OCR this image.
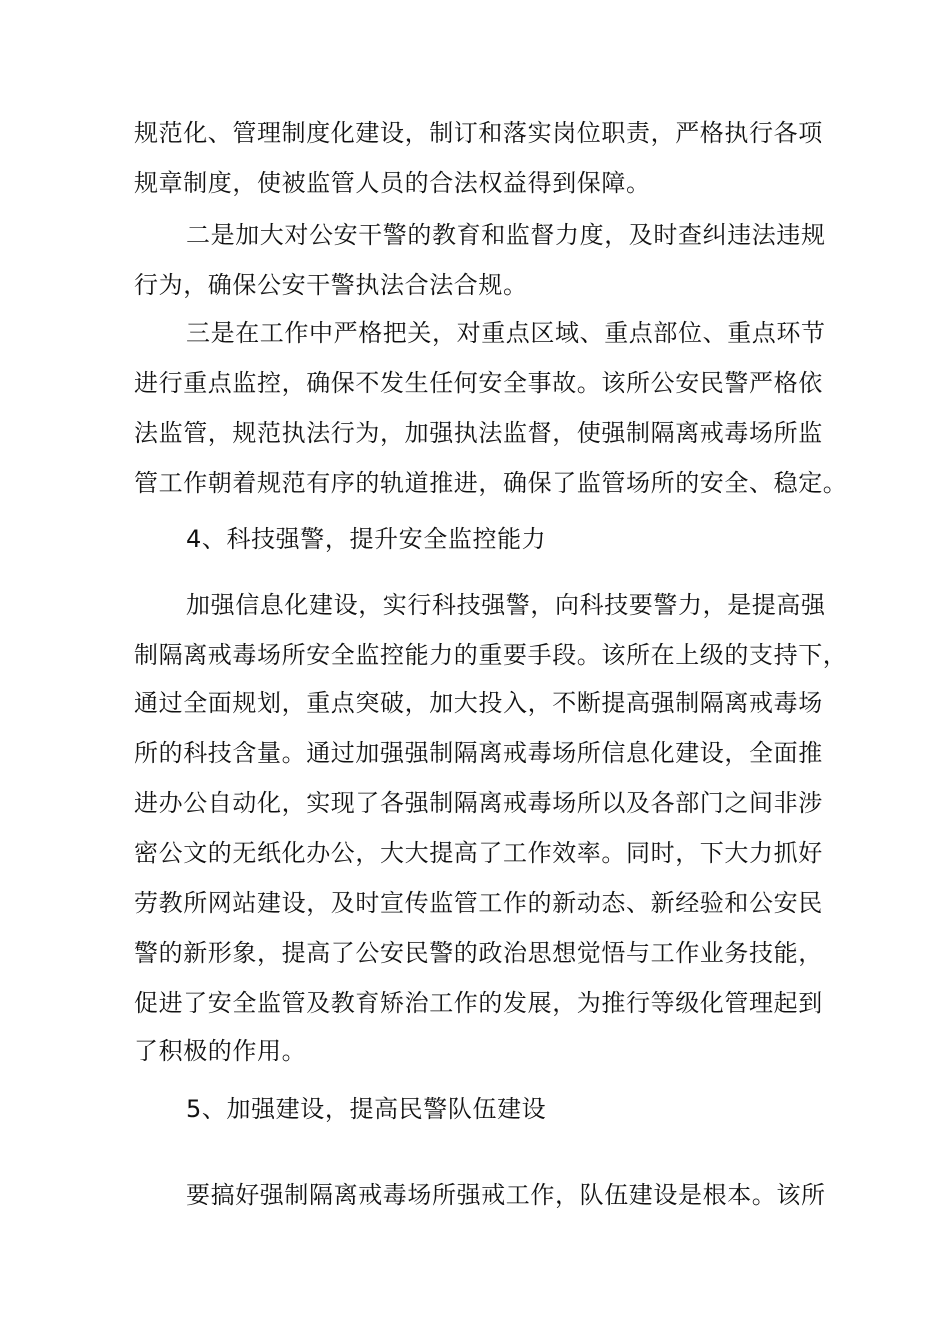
规范化、管理制度化建设，制订和落实岗位职责，严格执行各项
规章制度，使被监管人员的合法权益得到保障。
二是加大对公安干警的教育和监督力度，及时查纠违法违规
行为，确保公安干警执法合法合规。
三是在工作中严格把关，对重点区域、重点部位、重点环节
进行重点监控，确保不发生任何安全事故。该所公安民警严格依
法监管，规范执法行为，加强执法监督，使强制隔离戒毒场所监
管工作朝着规范有序的轨道推进，确保了监管场所的安全、稳定。
4、科技强警，提升安全监控能力
加强信息化建设，实行科技强警，向科技要警力，是提高强
制隔离戒毒场所安全监控能力的重要手段。该所在上级的支持下，
通过全面规划，重点突破，加大投入，不断提高强制隔离戒毒场
所的科技含量。通过加强强制隔离戒毒场所信息化建设，全面推
进办公自动化，实现了各强制隔离戒毒场所以及各部门之间非涉
密公文的无纸化办公，大大提高了工作效率。同时，下大力抓好
劳教所网站建设，及时宣传监管工作的新动态、新经验和公安民
警的新形象，提高了公安民警的政治思想觉悟与工作业务技能，
促进了安全监管及教育矫治工作的发展，为推行等级化管理起到
了积极的作用。
5、加强建设，提高民警队伍建设
要搞好强制隔离戒毒场所强戒工作，队伍建设是根本。该所
